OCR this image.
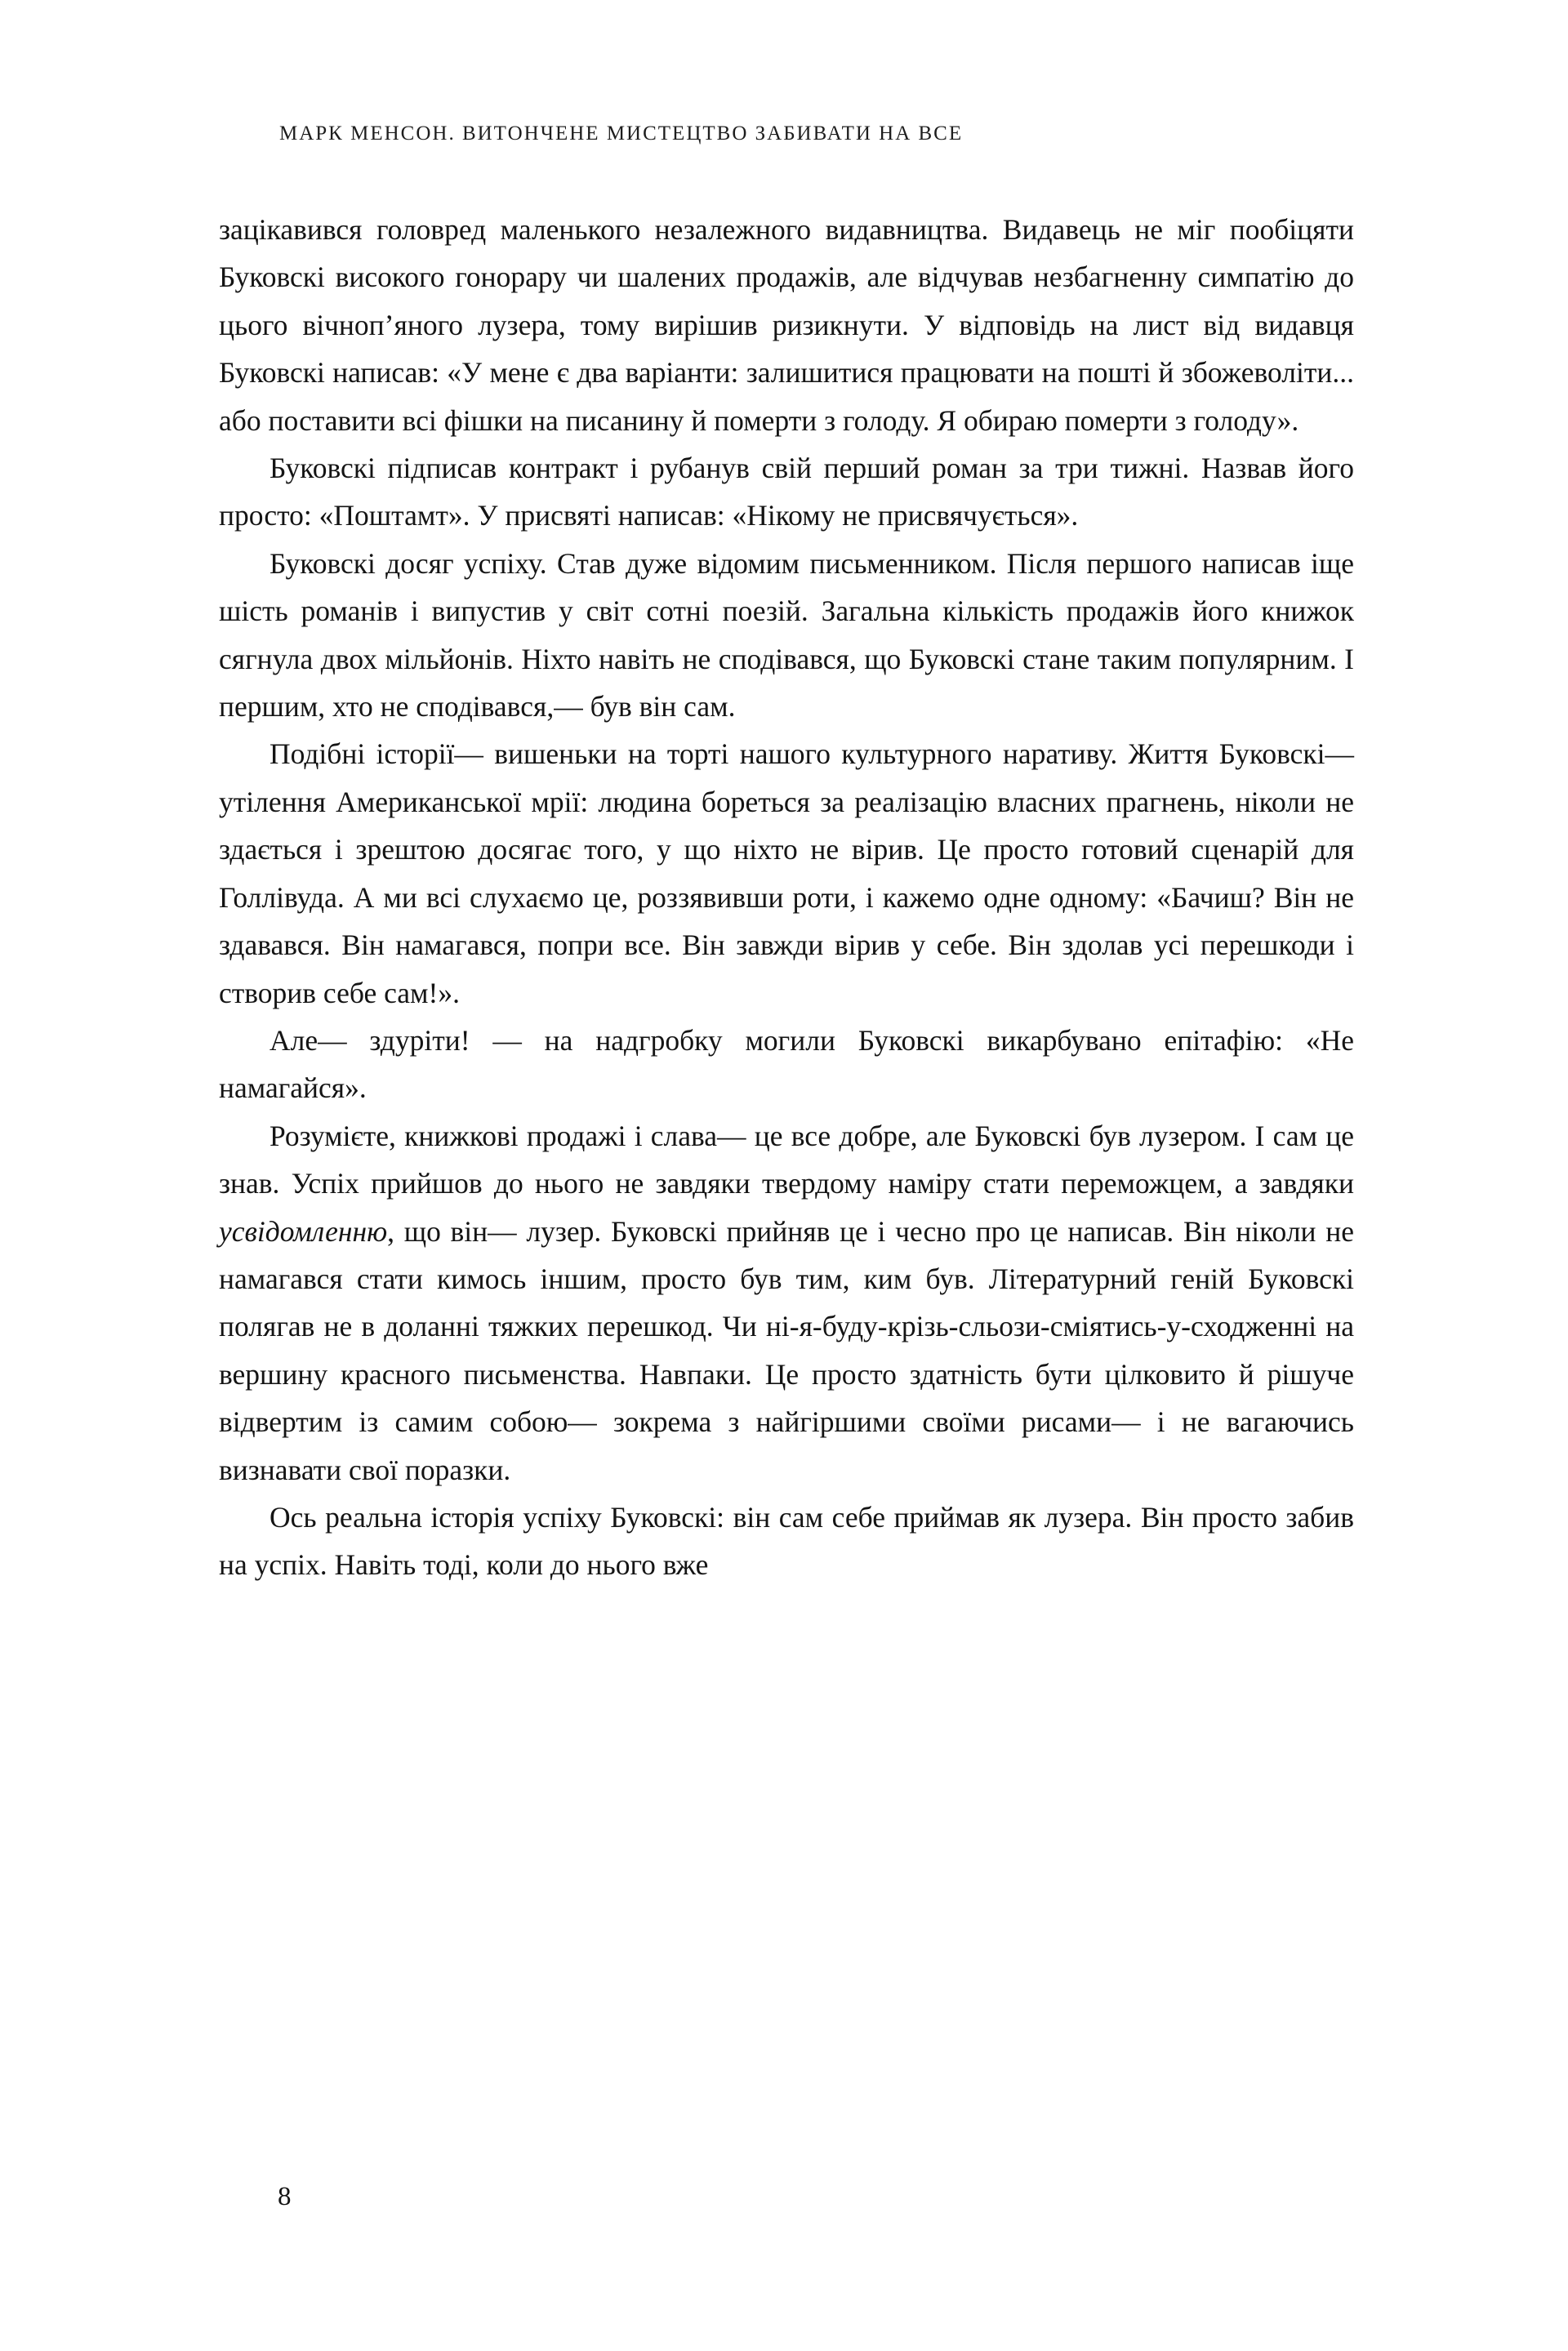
МАРК МЕНСОН. ВИТОНЧЕНЕ МИСТЕЦТВО ЗАБИВАТИ НА ВСЕ

зацікавився головред маленького незалежного видавництва. Видавець не міг пообіцяти Буковскі високого гонорару чи шалених продажів, але відчував незбагненну симпатію до цього вічноп’яного лузера, тому вирішив ризикнути. У відповідь на лист від видавця Буковскі написав: «У мене є два варіанти: залишитися працювати на пошті й збожеволіти... або поставити всі фішки на писанину й померти з голоду. Я обираю померти з голоду».

Буковскі підписав контракт і рубанув свій перший роман за три тижні. Назвав його просто: «Поштамт». У присвяті написав: «Нікому не присвячується».

Буковскі досяг успіху. Став дуже відомим письменником. Після першого написав іще шість романів і випустив у світ сотні поезій. Загальна кількість продажів його книжок сягнула двох мільйонів. Ніхто навіть не сподівався, що Буковскі стане таким популярним. І першим, хто не сподівався,— був він сам.

Подібні історії— вишеньки на торті нашого культурного наративу. Життя Буковскі— утілення Американської мрії: людина бореться за реалізацію власних прагнень, ніколи не здається і зрештою досягає того, у що ніхто не вірив. Це просто готовий сценарій для Голлівуда. А ми всі слухаємо це, роззявивши роти, і кажемо одне одному: «Бачиш? Він не здавався. Він намагався, попри все. Він завжди вірив у себе. Він здолав усі перешкоди і створив себе сам!».

Але— здуріти! — на надгробку могили Буковскі викарбувано епітафію: «Не намагайся».

Розумієте, книжкові продажі і слава— це все добре, але Буковскі був лузером. І сам це знав. Успіх прийшов до нього не завдяки твердому наміру стати переможцем, а завдяки усвідомленню, що він— лузер. Буковскі прийняв це і чесно про це написав. Він ніколи не намагався стати кимось іншим, просто був тим, ким був. Літературний геній Буковскі полягав не в доланні тяжких перешкод. Чи ні-я-буду-крізь-сльози-сміятись-у-сходженні на вершину красного письменства. Навпаки. Це просто здатність бути цілковито й рішуче відвертим із самим собою— зокрема з найгіршими своїми рисами— і не вагаючись визнавати свої поразки.

Ось реальна історія успіху Буковскі: він сам себе приймав як лузера. Він просто забив на успіх. Навіть тоді, коли до нього вже

8
